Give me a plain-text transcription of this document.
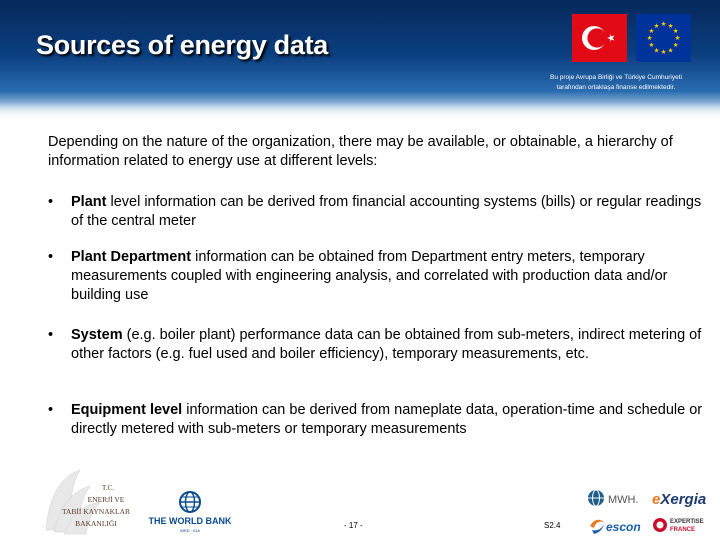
Sources of energy data
★ ★
★
★
★
★
★
★
★
★
★
★
Bu proje Avrupa Birliği ve Türkiye Cumhuriyeti
tarafından ortaklaşa finanse edilmektedir.
Depending on the nature of the organization, there may be available, or obtainable, a hierarchy of information related to energy use at different levels:
•	Plant level information can be derived from financial accounting systems (bills) or regular readings of the central meter
•	Plant Department information can be obtained from Department entry meters, temporary measurements coupled with engineering analysis, and correlated with production data and/or building use
•	System (e.g. boiler plant) performance data can be obtained from sub-meters, indirect metering of other factors (e.g. fuel used and boiler efficiency), temporary measurements, etc.
•	Equipment level information can be derived from nameplate data, operation-time and schedule or directly metered with sub-meters or temporary measurements
T.C.
ENERJİ VE
TABİİ KAYNAKLAR
BAKANLIĞI	THE WORLD BANK
IBRD · IDA
- 17 -	S2.4
MWH. eXergia
escon	EXPERTISE
FRANCE
